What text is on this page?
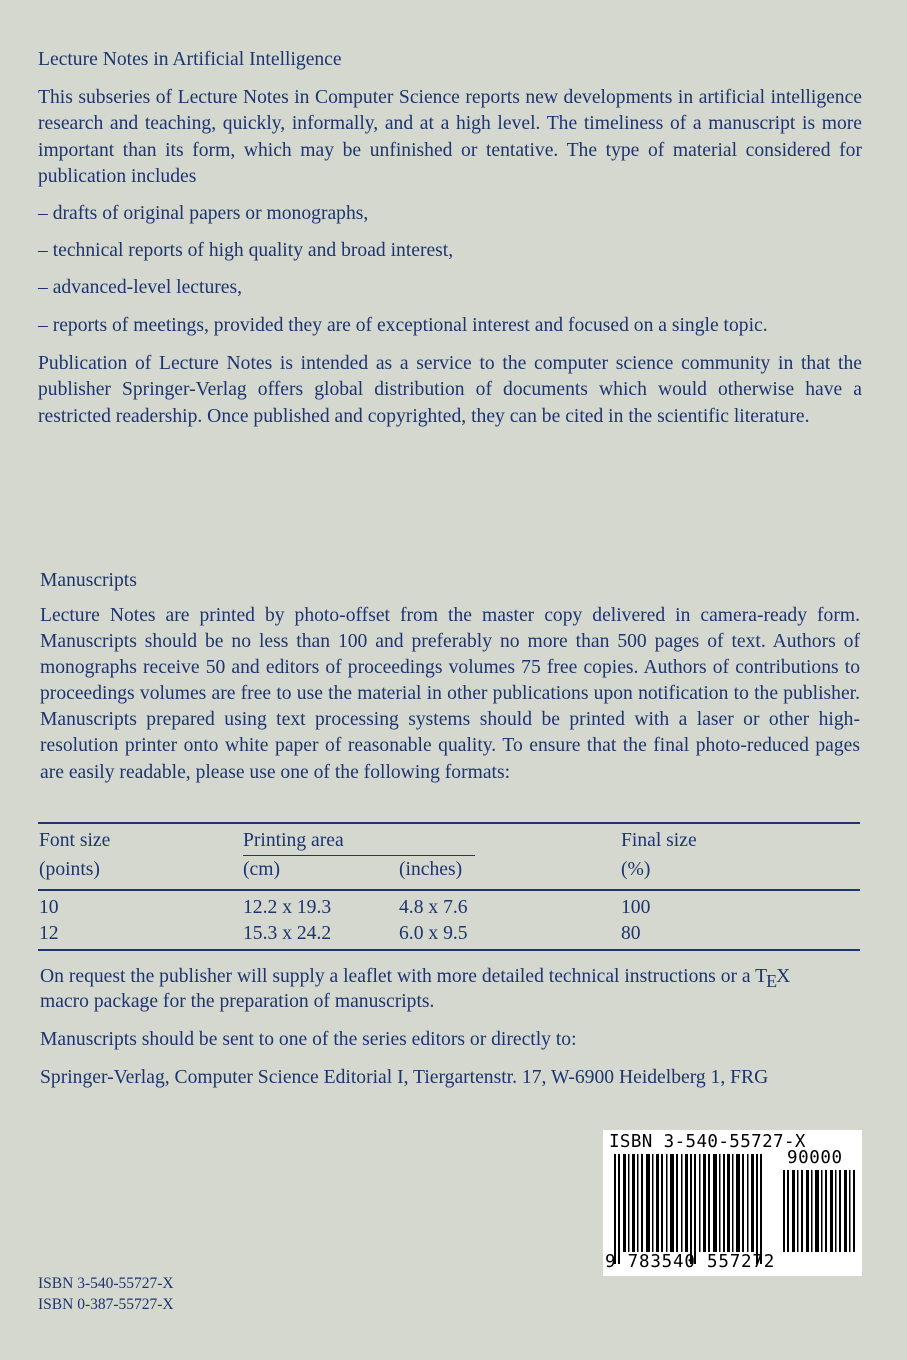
Lecture Notes in Artificial Intelligence

This subseries of Lecture Notes in Computer Science reports new developments in artificial intelligence research and teaching, quickly, informally, and at a high level. The timeliness of a manuscript is more important than its form, which may be unfinished or tentative. The type of material considered for publication includes

– drafts of original papers or monographs,
– technical reports of high quality and broad interest,
– advanced-level lectures,
– reports of meetings, provided they are of exceptional interest and focused on a single topic.

Publication of Lecture Notes is intended as a service to the computer science community in that the publisher Springer-Verlag offers global distribution of documents which would otherwise have a restricted readership. Once published and copyrighted, they can be cited in the scientific literature.

Manuscripts

Lecture Notes are printed by photo-offset from the master copy delivered in camera-ready form. Manuscripts should be no less than 100 and preferably no more than 500 pages of text. Authors of monographs receive 50 and editors of proceedings volumes 75 free copies. Authors of contributions to proceedings volumes are free to use the material in other publications upon notification to the publisher. Manuscripts prepared using text processing systems should be printed with a laser or other high-resolution printer onto white paper of reasonable quality. To ensure that the final photo-reduced pages are easily readable, please use one of the following formats:

Font size	Printing area	Final size
(points)	(cm)	(inches)	(%)
10	12.2 x 19.3	4.8 x 7.6	100
12	15.3 x 24.2	6.0 x 9.5	80
On request the publisher will supply a leaflet with more detailed technical instructions or a TEX
macro package for the preparation of manuscripts.
Manuscripts should be sent to one of the series editors or directly to:
Springer-Verlag, Computer Science Editorial I, Tiergartenstr. 17, W-6900 Heidelberg 1, FRG
ISBN 3-540-55727-X
90000
9 783540 557272
ISBN 3-540-55727-X
ISBN 0-387-55727-X
